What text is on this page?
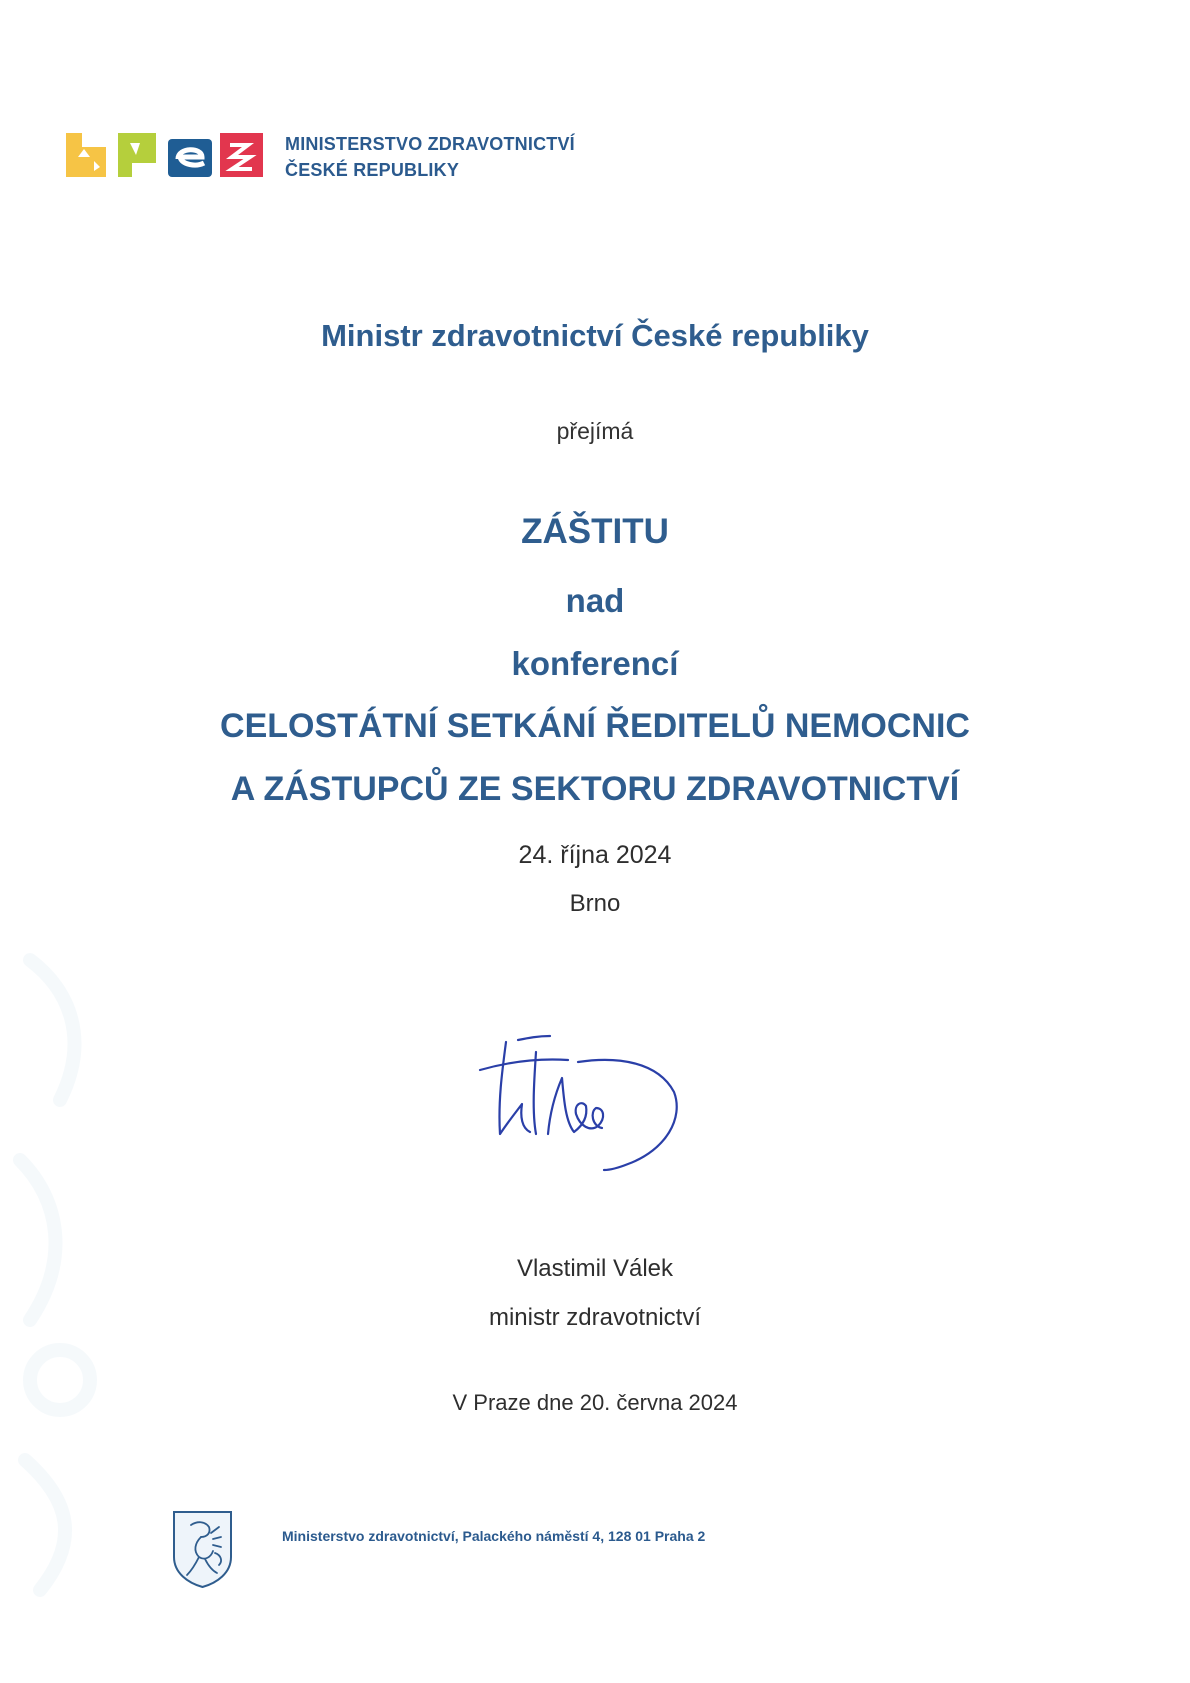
MINISTERSTVO ZDRAVOTNICTVÍ
ČESKÉ REPUBLIKY
Ministr zdravotnictví České republiky
přejímá
ZÁŠTITU
nad
konferencí
CELOSTÁTNÍ SETKÁNÍ ŘEDITELŮ NEMOCNIC
A ZÁSTUPCŮ ZE SEKTORU ZDRAVOTNICTVÍ
24. října 2024
Brno
Vlastimil Válek
ministr zdravotnictví
V Praze dne 20. června 2024
Ministerstvo zdravotnictví, Palackého náměstí 4, 128 01 Praha 2
